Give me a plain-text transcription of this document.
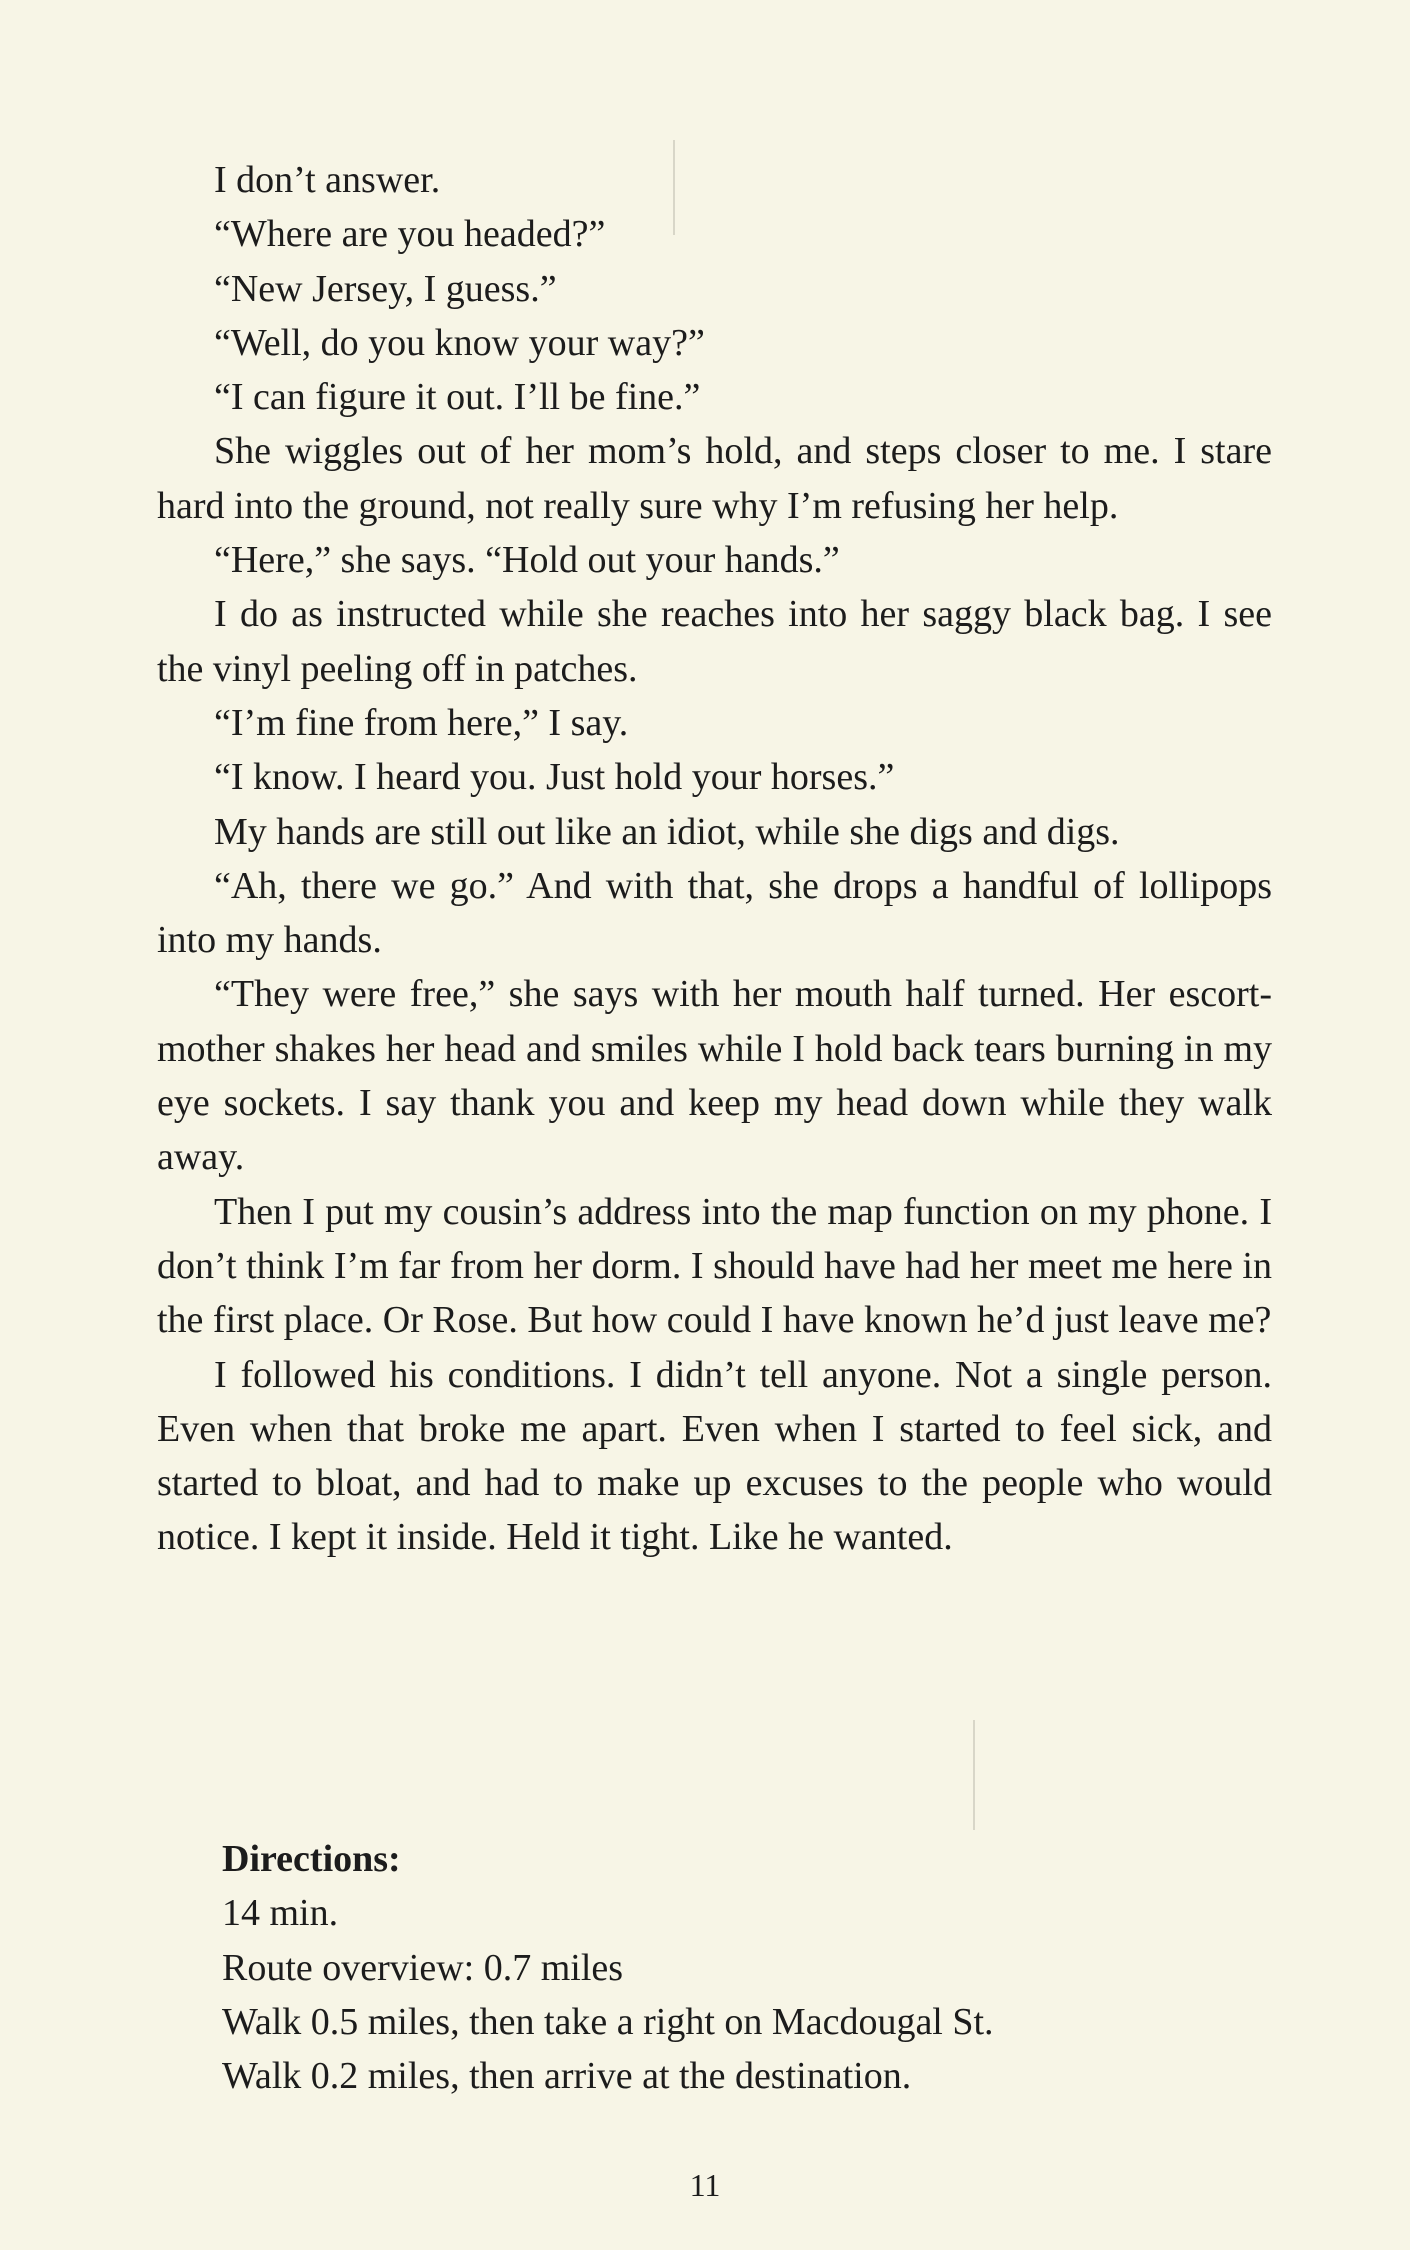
I don’t answer.

“Where are you headed?”

“New Jersey, I guess.”

“Well, do you know your way?”

“I can figure it out. I’ll be fine.”

She wiggles out of her mom’s hold, and steps closer to me. I stare hard into the ground, not really sure why I’m refusing her help.

“Here,” she says. “Hold out your hands.”

I do as instructed while she reaches into her saggy black bag. I see the vinyl peeling off in patches.

“I’m fine from here,” I say.

“I know. I heard you. Just hold your horses.”

My hands are still out like an idiot, while she digs and digs.

“Ah, there we go.” And with that, she drops a handful of lollipops into my hands.

“They were free,” she says with her mouth half turned. Her escort-mother shakes her head and smiles while I hold back tears burning in my eye sockets. I say thank you and keep my head down while they walk away.

Then I put my cousin’s address into the map function on my phone. I don’t think I’m far from her dorm. I should have had her meet me here in the first place. Or Rose. But how could I have known he’d just leave me?

I followed his conditions. I didn’t tell anyone. Not a single person. Even when that broke me apart. Even when I started to feel sick, and started to bloat, and had to make up excuses to the people who would notice. I kept it inside. Held it tight. Like he wanted.

Directions:
14 min.
Route overview: 0.7 miles
Walk 0.5 miles, then take a right on Macdougal St.
Walk 0.2 miles, then arrive at the destination.
11
